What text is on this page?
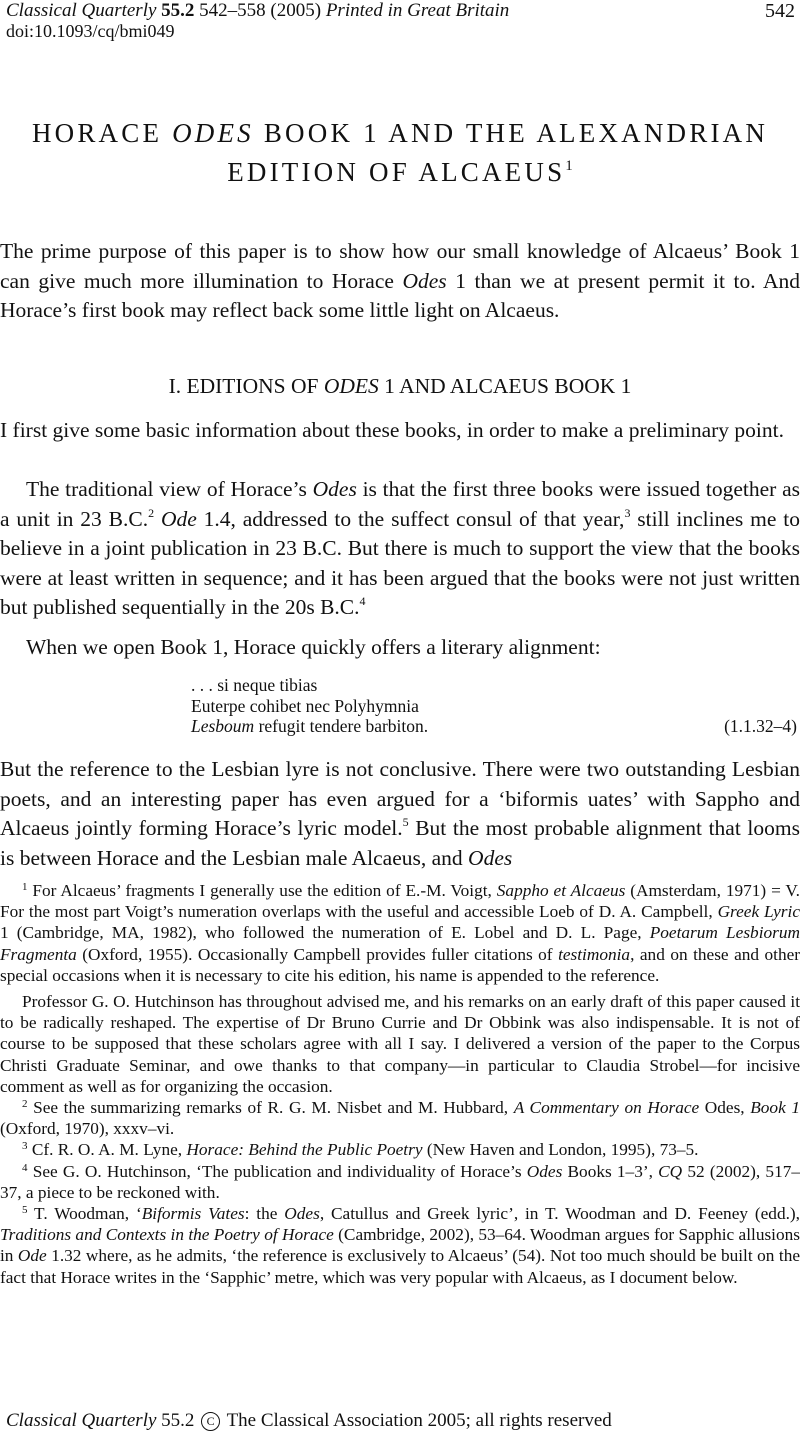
Classical Quarterly 55.2 542–558 (2005) Printed in Great Britain	542
doi:10.1093/cq/bmi049
HORACE ODES BOOK 1 AND THE ALEXANDRIAN
EDITION OF ALCAEUS$^1$
The prime purpose of this paper is to show how our small knowledge of Alcaeus’ Book 1 can give much more illumination to Horace Odes 1 than we at present permit it to. And Horace’s first book may reflect back some little light on Alcaeus.
I. EDITIONS OF ODES 1 AND ALCAEUS BOOK 1
I first give some basic information about these books, in order to make a preliminary point.
The traditional view of Horace’s Odes is that the first three books were issued together as a unit in 23 B.C.$^2$ Ode 1.4, addressed to the suffect consul of that year,$^3$ still inclines me to believe in a joint publication in 23 B.C. But there is much to support the view that the books were at least written in sequence; and it has been argued that the books were not just written but published sequentially in the 20s B.C.$^4$
When we open Book 1, Horace quickly offers a literary alignment:
. . . si neque tibias
Euterpe cohibet nec Polyhymnia
Lesboum refugit tendere barbiton.	(1.1.32–4)
But the reference to the Lesbian lyre is not conclusive. There were two outstanding Lesbian poets, and an interesting paper has even argued for a ‘biformis uates’ with Sappho and Alcaeus jointly forming Horace’s lyric model.$^5$ But the most probable alignment that looms is between Horace and the Lesbian male Alcaeus, and Odes

$^1$ For Alcaeus’ fragments I generally use the edition of E.-M. Voigt, Sappho et Alcaeus (Amsterdam, 1971) = V. For the most part Voigt’s numeration overlaps with the useful and accessible Loeb of D. A. Campbell, Greek Lyric 1 (Cambridge, MA, 1982), who followed the numeration of E. Lobel and D. L. Page, Poetarum Lesbiorum Fragmenta (Oxford, 1955). Occasionally Campbell provides fuller citations of testimonia, and on these and other special occasions when it is necessary to cite his edition, his name is appended to the reference.

Professor G. O. Hutchinson has throughout advised me, and his remarks on an early draft of this paper caused it to be radically reshaped. The expertise of Dr Bruno Currie and Dr Obbink was also indispensable. It is not of course to be supposed that these scholars agree with all I say. I delivered a version of the paper to the Corpus Christi Graduate Seminar, and owe thanks to that company—in particular to Claudia Strobel—for incisive comment as well as for organizing the occasion.

$^2$ See the summarizing remarks of R. G. M. Nisbet and M. Hubbard, A Commentary on Horace Odes, Book 1 (Oxford, 1970), xxxv–vi.

$^3$ Cf. R. O. A. M. Lyne, Horace: Behind the Public Poetry (New Haven and London, 1995), 73–5.

$^4$ See G. O. Hutchinson, ‘The publication and individuality of Horace’s Odes Books 1–3’, CQ 52 (2002), 517–37, a piece to be reckoned with.

$^5$ T. Woodman, ‘Biformis Vates: the Odes, Catullus and Greek lyric’, in T. Woodman and D. Feeney (edd.), Traditions and Contexts in the Poetry of Horace (Cambridge, 2002), 53–64. Woodman argues for Sapphic allusions in Ode 1.32 where, as he admits, ‘the reference is exclusively to Alcaeus’ (54). Not too much should be built on the fact that Horace writes in the ‘Sapphic’ metre, which was very popular with Alcaeus, as I document below.

Classical Quarterly 55.2 C The Classical Association 2005; all rights reserved
